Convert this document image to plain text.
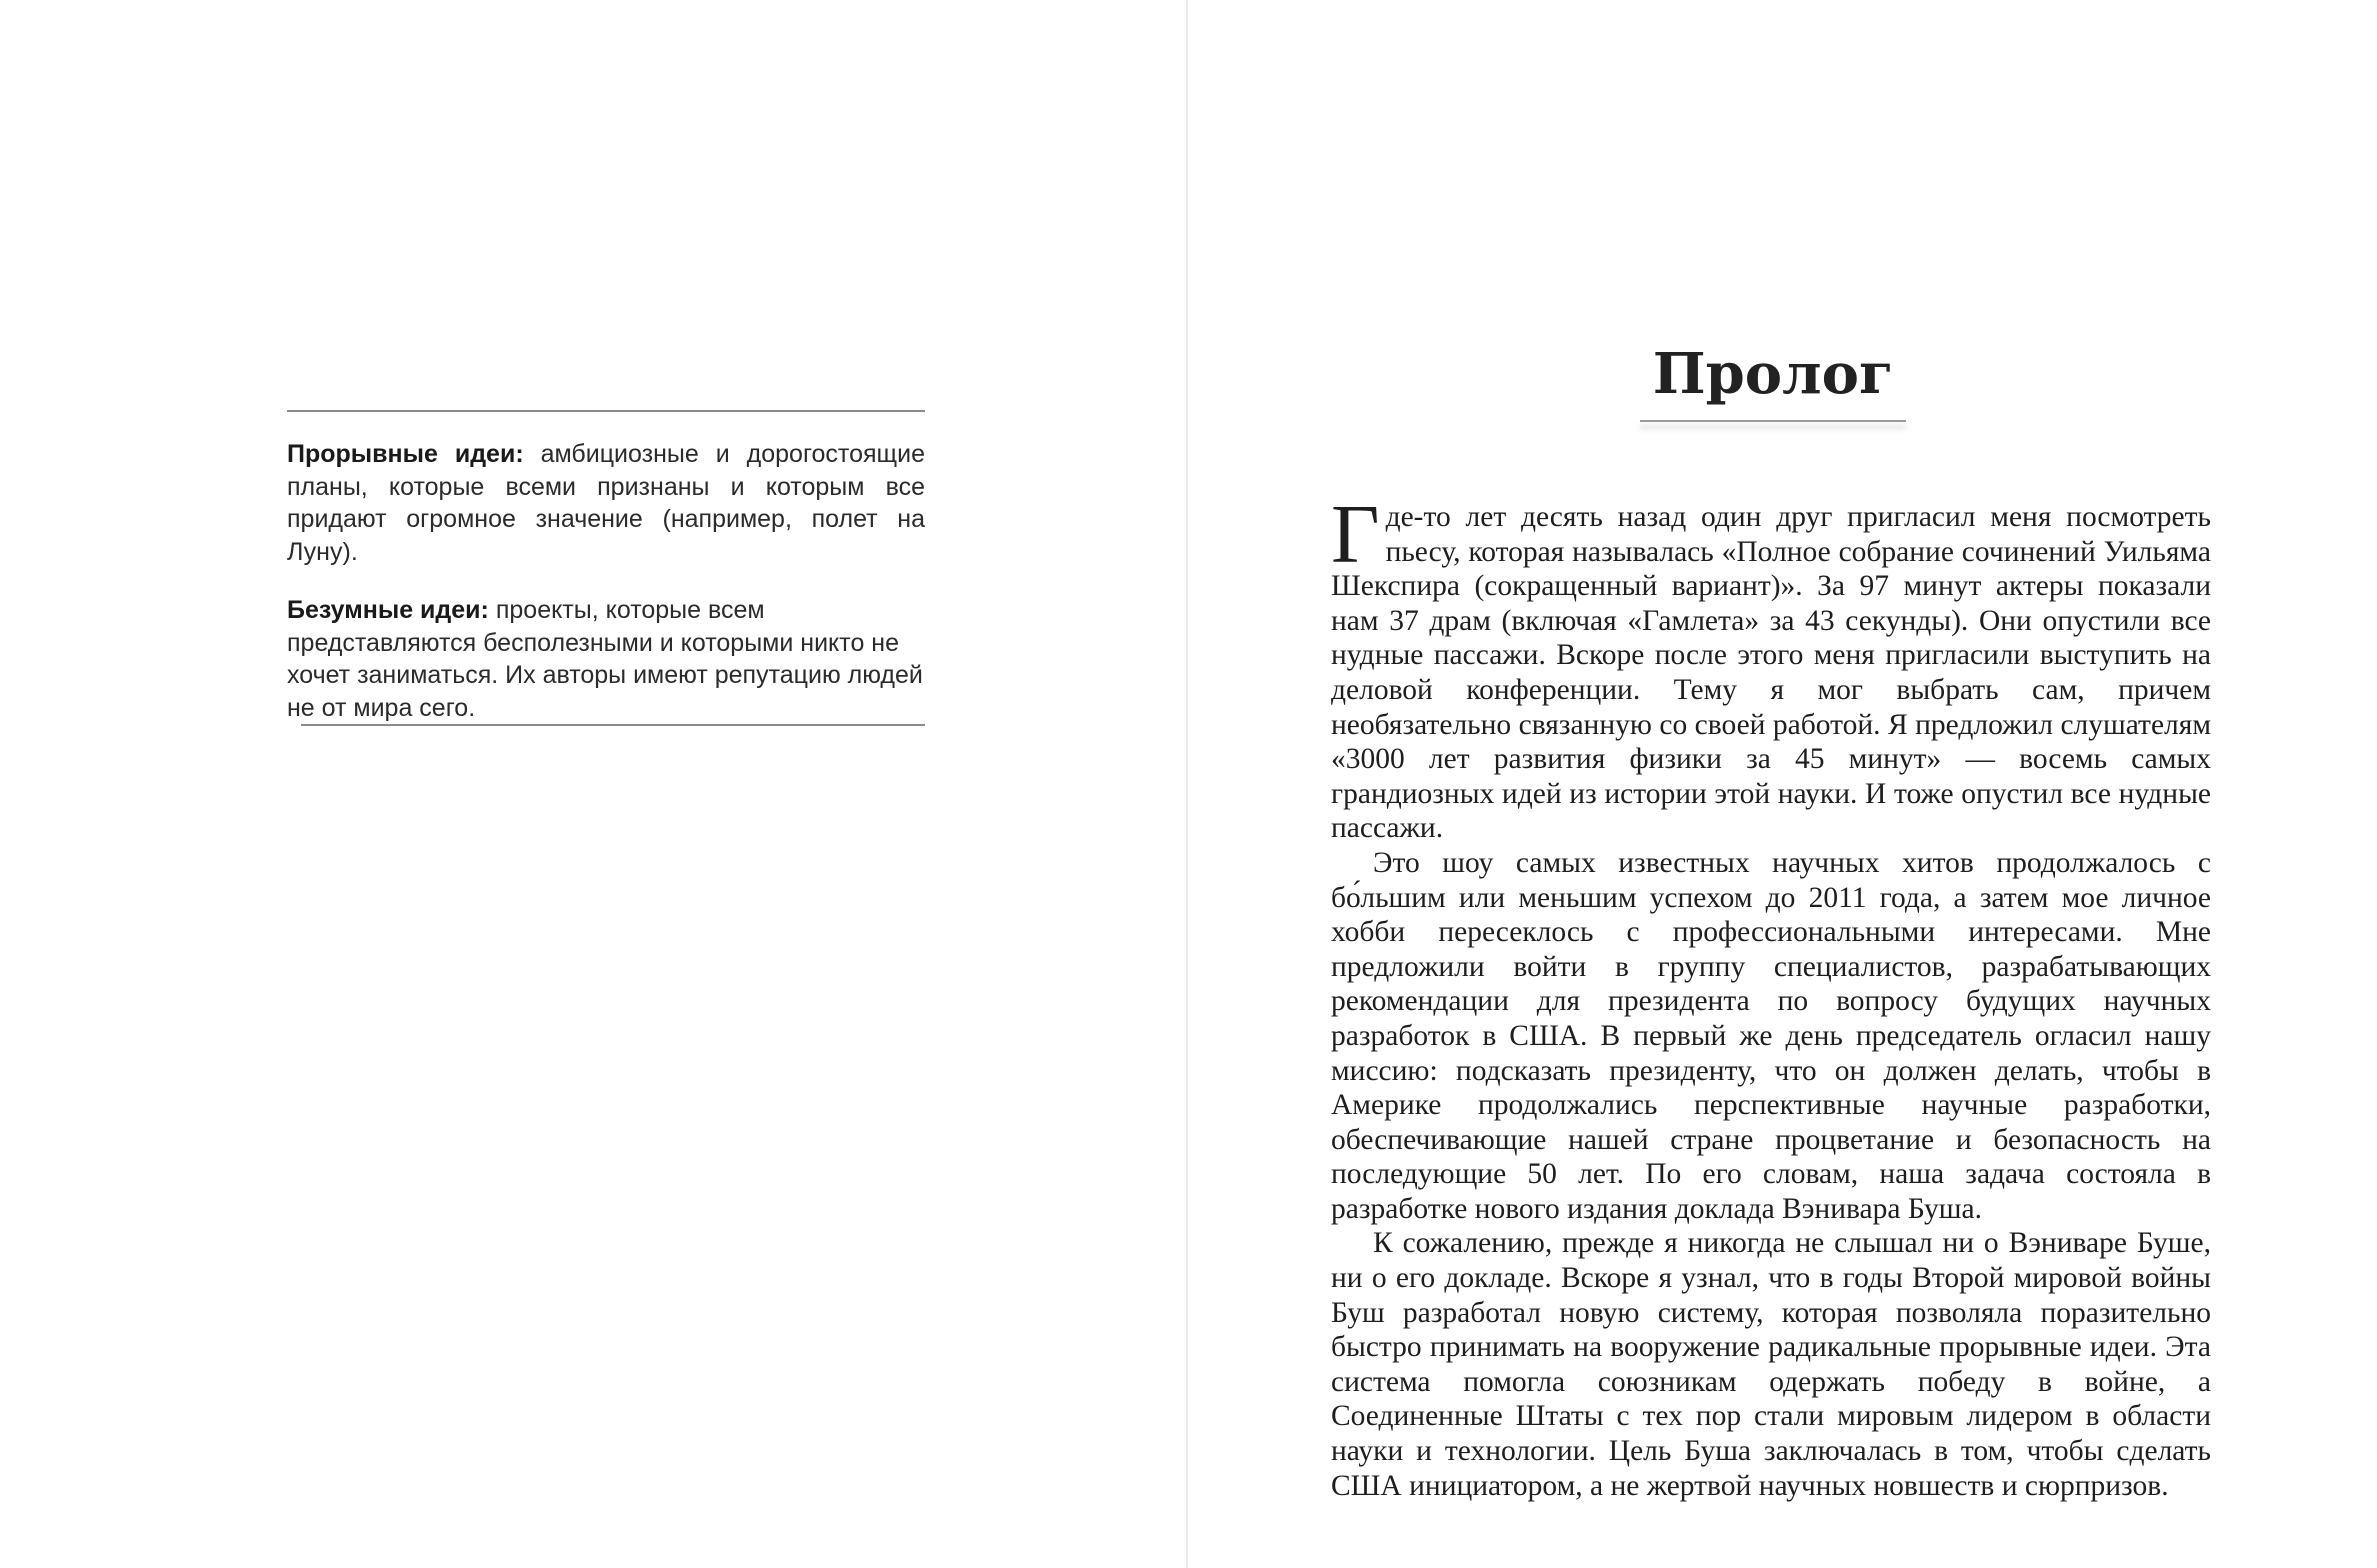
Прорывные идеи: амбициозные и дорогостоящие планы, которые всеми признаны и которым все придают огромное значение (например, полет на Луну).

Безумные идеи: проекты, которые всем представляются бесполезными и которыми никто не хочет заниматься. Их авторы имеют репутацию людей не от мира сего.

Пролог

Где-то лет десять назад один друг пригласил меня посмотреть пьесу, которая называлась «Полное собрание сочинений Уильяма Шекспира (сокращенный вариант)». За 97 минут актеры показали нам 37 драм (включая «Гамлета» за 43 секунды). Они опустили все нудные пассажи. Вскоре после этого меня пригласили выступить на деловой конференции. Тему я мог выбрать сам, причем необязательно связанную со своей работой. Я предложил слушателям «3000 лет развития физики за 45 минут» — восемь самых грандиозных идей из истории этой науки. И тоже опустил все нудные пассажи.

Это шоу самых известных научных хитов продолжалось с бо́льшим или меньшим успехом до 2011 года, а затем мое личное хобби пересеклось с профессиональными интересами. Мне предложили войти в группу специалистов, разрабатывающих рекомендации для президента по вопросу будущих научных разработок в США. В первый же день председатель огласил нашу миссию: подсказать президенту, что он должен делать, чтобы в Америке продолжались перспективные научные разработки, обеспечивающие нашей стране процветание и безопасность на последующие 50 лет. По его словам, наша задача состояла в разработке нового издания доклада Вэнивара Буша.

К сожалению, прежде я никогда не слышал ни о Вэниваре Буше, ни о его докладе. Вскоре я узнал, что в годы Второй мировой войны Буш разработал новую систему, которая позволяла поразительно быстро принимать на вооружение радикальные прорывные идеи. Эта система помогла союзникам одержать победу в войне, а Соединенные Штаты с тех пор стали мировым лидером в области науки и технологии. Цель Буша заключалась в том, чтобы сделать США инициатором, а не жертвой научных новшеств и сюрпризов.
